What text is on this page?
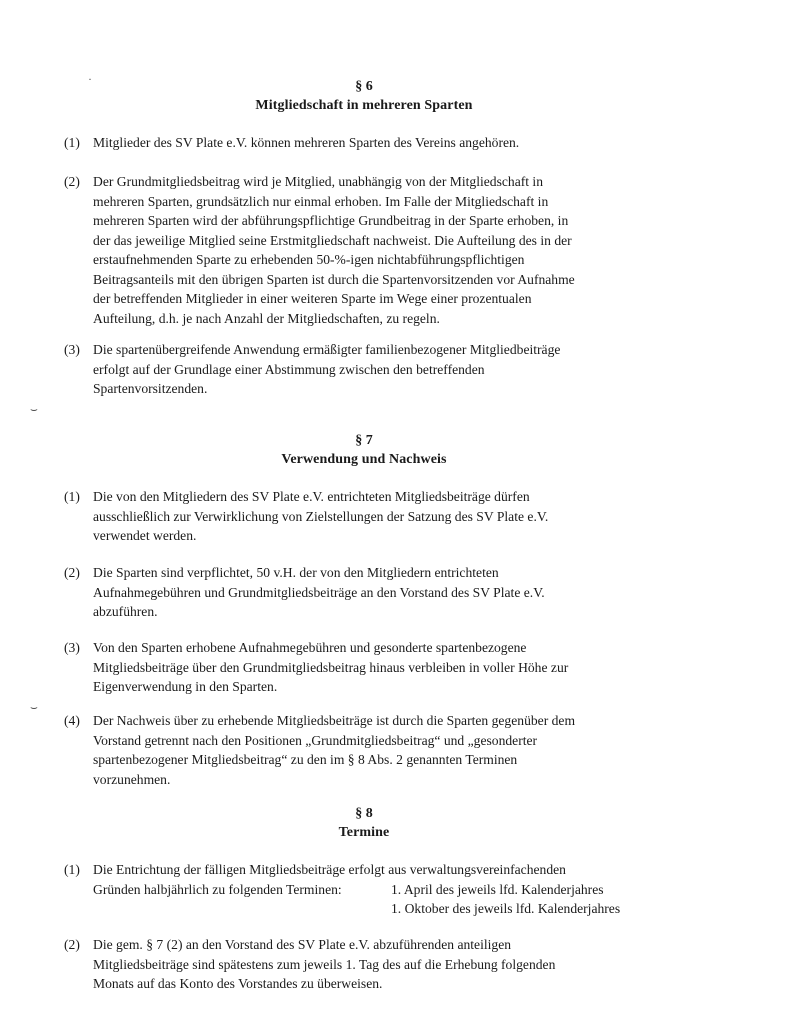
·
⌣
⌣
§ 6
Mitgliedschaft in mehreren Sparten
(1) Mitglieder des SV Plate e.V. können mehreren Sparten des Vereins angehören.
(2) Der Grundmitgliedsbeitrag wird je Mitglied, unabhängig von der Mitgliedschaft in
mehreren Sparten, grundsätzlich nur einmal erhoben. Im Falle der Mitgliedschaft in
mehreren Sparten wird der abführungspflichtige Grundbeitrag in der Sparte erhoben, in
der das jeweilige Mitglied seine Erstmitgliedschaft nachweist. Die Aufteilung des in der
erstaufnehmenden Sparte zu erhebenden 50-%-igen nichtabführungspflichtigen
Beitragsanteils mit den übrigen Sparten ist durch die Spartenvorsitzenden vor Aufnahme
der betreffenden Mitglieder in einer weiteren Sparte im Wege einer prozentualen
Aufteilung, d.h. je nach Anzahl der Mitgliedschaften, zu regeln.
(3) Die spartenübergreifende Anwendung ermäßigter familienbezogener Mitgliedbeiträge
erfolgt auf der Grundlage einer Abstimmung zwischen den betreffenden
Spartenvorsitzenden.
§ 7
Verwendung und Nachweis
(1) Die von den Mitgliedern des SV Plate e.V. entrichteten Mitgliedsbeiträge dürfen
ausschließlich zur Verwirklichung von Zielstellungen der Satzung des SV Plate e.V.
verwendet werden.
(2) Die Sparten sind verpflichtet, 50 v.H. der von den Mitgliedern entrichteten
Aufnahmegebühren und Grundmitgliedsbeiträge an den Vorstand des SV Plate e.V.
abzuführen.
(3) Von den Sparten erhobene Aufnahmegebühren und gesonderte spartenbezogene
Mitgliedsbeiträge über den Grundmitgliedsbeitrag hinaus verbleiben in voller Höhe zur
Eigenverwendung in den Sparten.
(4) Der Nachweis über zu erhebende Mitgliedsbeiträge ist durch die Sparten gegenüber dem
Vorstand getrennt nach den Positionen „Grundmitgliedsbeitrag“ und „gesonderter
spartenbezogener Mitgliedsbeitrag“ zu den im § 8 Abs. 2 genannten Terminen
vorzunehmen.
§ 8
Termine
(1) Die Entrichtung der fälligen Mitgliedsbeiträge erfolgt aus verwaltungsvereinfachenden
Gründen halbjährlich zu folgenden Terminen:	1. April des jeweils lfd. Kalenderjahres
1. Oktober des jeweils lfd. Kalenderjahres
(2) Die gem. § 7 (2) an den Vorstand des SV Plate e.V. abzuführenden anteiligen
Mitgliedsbeiträge sind spätestens zum jeweils 1. Tag des auf die Erhebung folgenden
Monats auf das Konto des Vorstandes zu überweisen.
